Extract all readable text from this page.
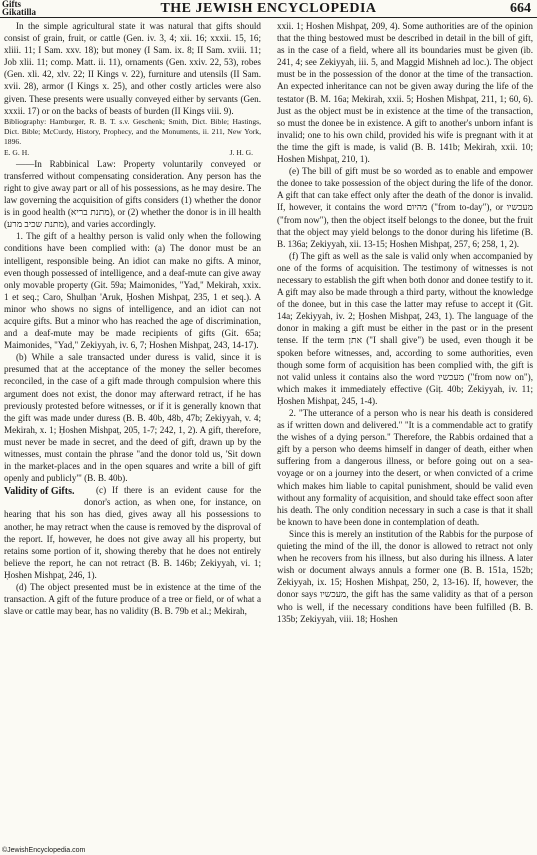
Gifts
Gikatilla	THE JEWISH ENCYCLOPEDIA	664

In the simple agricultural state it was natural that gifts should consist of grain, fruit, or cattle (Gen. iv. 3, 4; xii. 16; xxxii. 15, 16; xliii. 11; I Sam. xxv. 18); but money (I Sam. ix. 8; II Sam. xviii. 11; Job xlii. 11; comp. Matt. ii. 11), ornaments (Gen. xxiv. 22, 53), robes (Gen. xli. 42, xlv. 22; II Kings v. 22), furniture and utensils (II Sam. xvii. 28), armor (I Kings x. 25), and other costly articles were also given. These presents were usually conveyed either by servants (Gen. xxxii. 17) or on the backs of beasts of burden (II Kings viii. 9).

Bibliography: Hamburger, R. B. T. s.v. Geschenk; Smith, Dict. Bible; Hastings, Dict. Bible; McCurdy, History, Prophecy, and the Monuments, ii. 211, New York, 1896.

E. G. H.	J. H. G.

——In Rabbinical Law: Property voluntarily conveyed or transferred without compensating consideration. Any person has the right to give away part or all of his possessions, as he may desire. The law governing the acquisition of gifts considers (1) whether the donor is in good health (מתנת בריא), or (2) whether the donor is in ill health (מתנת שכיב מרע), and varies accordingly.

1. The gift of a healthy person is valid only when the following conditions have been complied with: (a) The donor must be an intelligent, responsible being. An idiot can make no gifts. A minor, even though possessed of intelligence, and a deaf-mute can give away only movable property (Git. 59a; Maimonides, "Yad," Mekirah, xxix. 1 et seq.; Caro, Shulḥan 'Aruk, Ḥoshen Mishpaṭ, 235, 1 et seq.). A minor who shows no signs of intelligence, and an idiot can not acquire gifts. But a minor who has reached the age of discrimination, and a deaf-mute may be made recipients of gifts (Git. 65a; Maimonides, "Yad," Zekiyyah, iv. 6, 7; Hoshen Mishpaṭ, 243, 14-17).

(b) While a sale transacted under duress is valid, since it is presumed that at the acceptance of the money the seller becomes reconciled, in the case of a gift made through compulsion where this argument does not exist, the donor may afterward retract, if he has previously protested before witnesses, or if it is generally known that the gift was made under duress (B. B. 40b, 48b, 47b; Zekiyyah, v. 4; Mekirah, x. 1; Ḥoshen Mishpaṭ, 205, 1-7; 242, 1, 2). A gift, therefore, must never be made in secret, and the deed of gift, drawn up by the witnesses, must contain the phrase "and the donor told us, 'Sit down in the market-places and in the open squares and write a bill of gift openly and publicly'" (B. B. 40b).

Validity of Gifts.	(c) If there is an evident cause for the donor's action, as when one, for instance, on hearing that his son has died, gives away all his possessions to another, he may retract when the cause is removed by the disproval of the report. If, however, he does not give away all his property, but retains some portion of it, showing thereby that he does not entirely believe the report, he can not retract (B. B. 146b; Zekiyyah, vi. 1; Ḥoshen Mishpaṭ, 246, 1).

(d) The object presented must be in existence at the time of the transaction. A gift of the future produce of a tree or field, or of what a slave or cattle may bear, has no validity (B. B. 79b et al.; Mekirah,

xxii. 1; Hoshen Mishpaṭ, 209, 4). Some authorities are of the opinion that the thing bestowed must be described in detail in the bill of gift, as in the case of a field, where all its boundaries must be given (ib. 241, 4; see Zekiyyah, iii. 5, and Maggid Mishneh ad loc.). The object must be in the possession of the donor at the time of the transaction. An expected inheritance can not be given away during the life of the testator (B. M. 16a; Mekirah, xxii. 5; Hoshen Mishpaṭ, 211, 1; 60, 6). Just as the object must be in existence at the time of the transaction, so must the donee be in existence. A gift to another's unborn infant is invalid; one to his own child, provided his wife is pregnant with it at the time the gift is made, is valid (B. B. 141b; Mekirah, xxii. 10; Hoshen Mishpaṭ, 210, 1).

(e) The bill of gift must be so worded as to enable and empower the donee to take possession of the object during the life of the donor. A gift that can take effect only after the death of the donor is invalid. If, however, it contains the word מהיום ("from to-day"), or מעכשיו ("from now"), then the object itself belongs to the donee, but the fruit that the object may yield belongs to the donor during his lifetime (B. B. 136a; Zekiyyah, xii. 13-15; Hoshen Mishpaṭ, 257, 6; 258, 1, 2).

(f) The gift as well as the sale is valid only when accompanied by one of the forms of acquisition. The testimony of witnesses is not necessary to establish the gift when both donor and donee testify to it. A gift may also be made through a third party, without the knowledge of the donee, but in this case the latter may refuse to accept it (Git. 14a; Zekiyyah, iv. 2; Ḥoshen Mishpaṭ, 243, 1). The language of the donor in making a gift must be either in the past or in the present tense. If the term אתן ("I shall give") be used, even though it be spoken before witnesses, and, according to some authorities, even though some form of acquisition has been complied with, the gift is not valid unless it contains also the word מעכשיו ("from now on"), which makes it immediately effective (Giṭ. 40b; Zekiyyah, iv. 11; Ḥoshen Mishpaṭ, 245, 1-4).

2. "The utterance of a person who is near his death is considered as if written down and delivered." "It is a commendable act to gratify the wishes of a dying person." Therefore, the Rabbis ordained that a gift by a person who deems himself in danger of death, either when suffering from a dangerous illness, or before going out on a sea-voyage or on a journey into the desert, or when convicted of a crime which makes him liable to capital punishment, should be valid even without any formality of acquisition, and should take effect soon after his death. The only condition necessary in such a case is that it shall be known to have been done in contemplation of death.

Since this is merely an institution of the Rabbis for the purpose of quieting the mind of the ill, the donor is allowed to retract not only when he recovers from his illness, but also during his illness. A later wish or document always annuls a former one (B. B. 151a, 152b; Zekiyyah, ix. 15; Hoshen Mishpaṭ, 250, 2, 13-16). If, however, the donor says מעכשיו, the gift has the same validity as that of a person who is well, if the necessary conditions have been fulfilled (B. B. 135b; Zekiyyah, viii. 18; Hoshen

©JewishEncyclopedia.com
